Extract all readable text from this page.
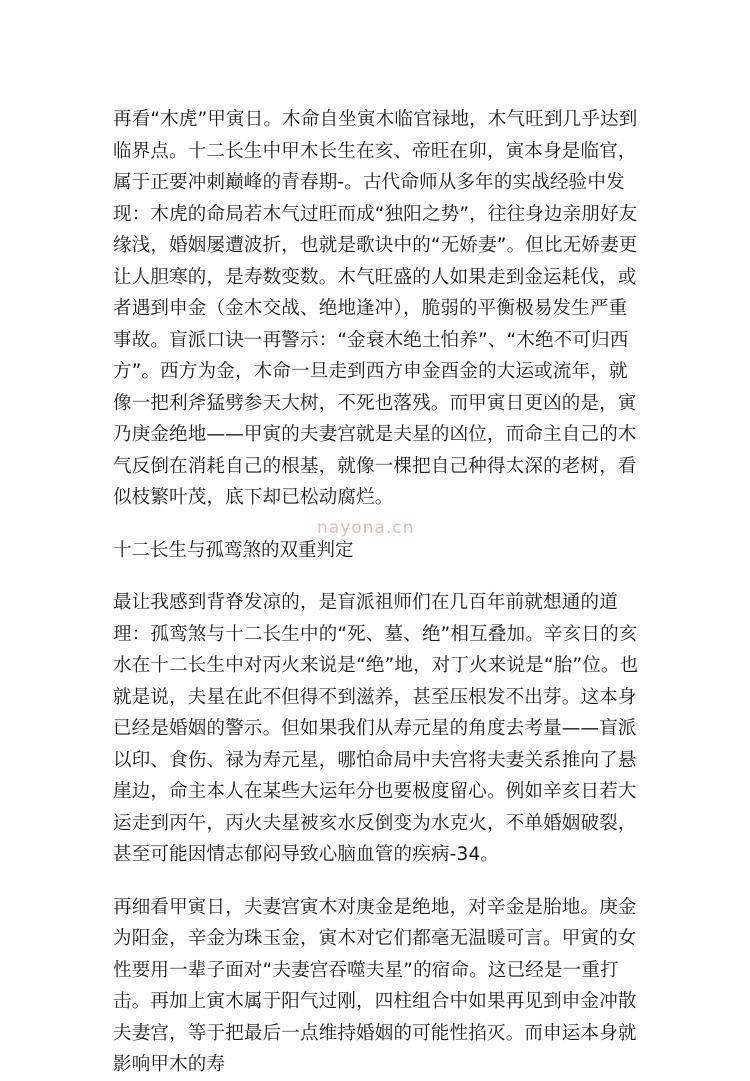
再看“木虎”甲寅日。木命自坐寅木临官禄地，木气旺到几乎达到临界点。十二长生中甲木长生在亥、帝旺在卯，寅本身是临官，属于正要冲刺巅峰的青春期-。古代命师从多年的实战经验中发现：木虎的命局若木气过旺而成“独阳之势”，往往身边亲朋好友缘浅，婚姻屡遭波折，也就是歌诀中的“无娇妻”。但比无娇妻更让人胆寒的，是寿数变数。木气旺盛的人如果走到金运耗伐，或者遇到申金（金木交战、绝地逢冲），脆弱的平衡极易发生严重事故。盲派口诀一再警示：“金衰木绝土怕养”、“木绝不可归西方”。西方为金，木命一旦走到西方申金酉金的大运或流年，就像一把利斧猛劈参天大树，不死也落残。而甲寅日更凶的是，寅乃庚金绝地——甲寅的夫妻宫就是夫星的凶位，而命主自己的木气反倒在消耗自己的根基，就像一棵把自己种得太深的老树，看似枝繁叶茂，底下却已松动腐烂。

十二长生与孤鸾煞的双重判定

最让我感到背脊发凉的，是盲派祖师们在几百年前就想通的道理：孤鸾煞与十二长生中的“死、墓、绝”相互叠加。辛亥日的亥水在十二长生中对丙火来说是“绝”地，对丁火来说是“胎”位。也就是说，夫星在此不但得不到滋养，甚至压根发不出芽。这本身已经是婚姻的警示。但如果我们从寿元星的角度去考量——盲派以印、食伤、禄为寿元星，哪怕命局中夫宫将夫妻关系推向了悬崖边，命主本人在某些大运年分也要极度留心。例如辛亥日若大运走到丙午，丙火夫星被亥水反倒变为水克火，不单婚姻破裂，甚至可能因情志郁闷导致心脑血管的疾病-34。

再细看甲寅日，夫妻宫寅木对庚金是绝地，对辛金是胎地。庚金为阳金，辛金为珠玉金，寅木对它们都毫无温暖可言。甲寅的女性要用一辈子面对“夫妻宫吞噬夫星”的宿命。这已经是一重打击。再加上寅木属于阳气过刚，四柱组合中如果再见到申金冲散夫妻宫，等于把最后一点维持婚姻的可能性掐灭。而申运本身就影响甲木的寿

nayona.cn
